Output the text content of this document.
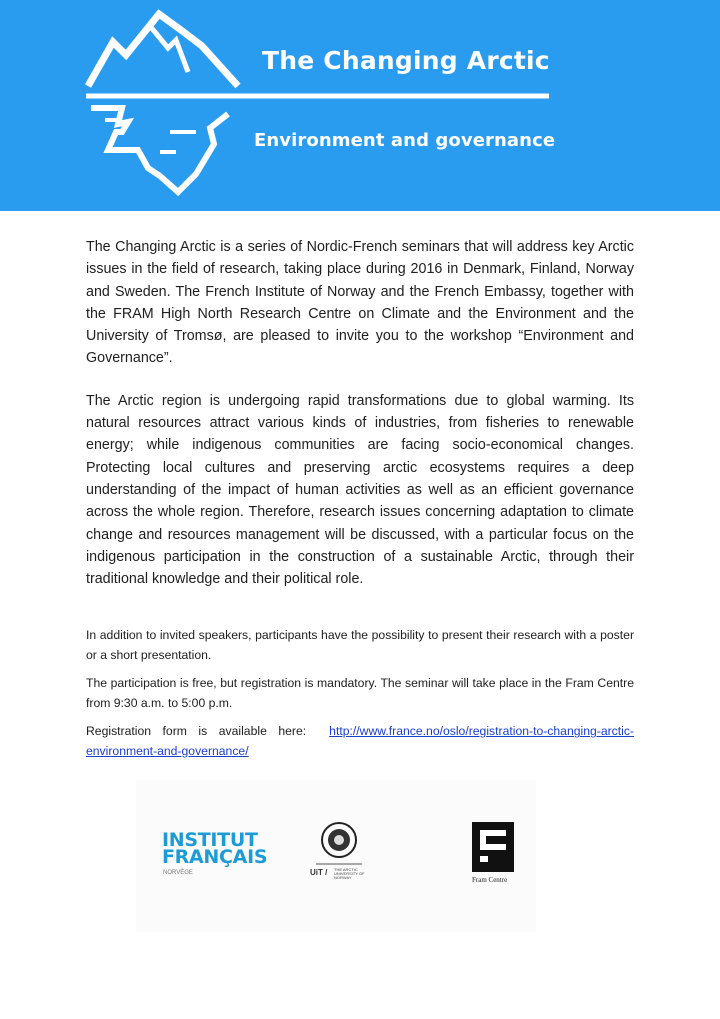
The Changing Arctic
Environment and governance

The Changing Arctic is a series of Nordic-French seminars that will address key Arctic issues in the field of research, taking place during 2016 in Denmark, Finland, Norway and Sweden. The French Institute of Norway and the French Embassy, together with the FRAM High North Research Centre on Climate and the Environment and the University of Tromsø, are pleased to invite you to the workshop “Environment and Governance”.

The Arctic region is undergoing rapid transformations due to global warming. Its natural resources attract various kinds of industries, from fisheries to renewable energy; while indigenous communities are facing socio-economical changes. Protecting local cultures and preserving arctic ecosystems requires a deep understanding of the impact of human activities as well as an efficient governance across the whole region. Therefore, research issues concerning adaptation to climate change and resources management will be discussed, with a particular focus on the indigenous participation in the construction of a sustainable Arctic, through their traditional knowledge and their political role.

In addition to invited speakers, participants have the possibility to present their research with a poster or a short presentation.

The participation is free, but registration is mandatory. The seminar will take place in the Fram Centre from 9:30 a.m. to 5:00 p.m.

Registration form is available here: http://www.france.no/oslo/registration-to-changing-arctic-environment-and-governance/

INSTITUT
FRANÇAIS
NORVÈGE	UiT / THE ARCTIC UNIVERSITY OF NORWAY	Fram Centre
